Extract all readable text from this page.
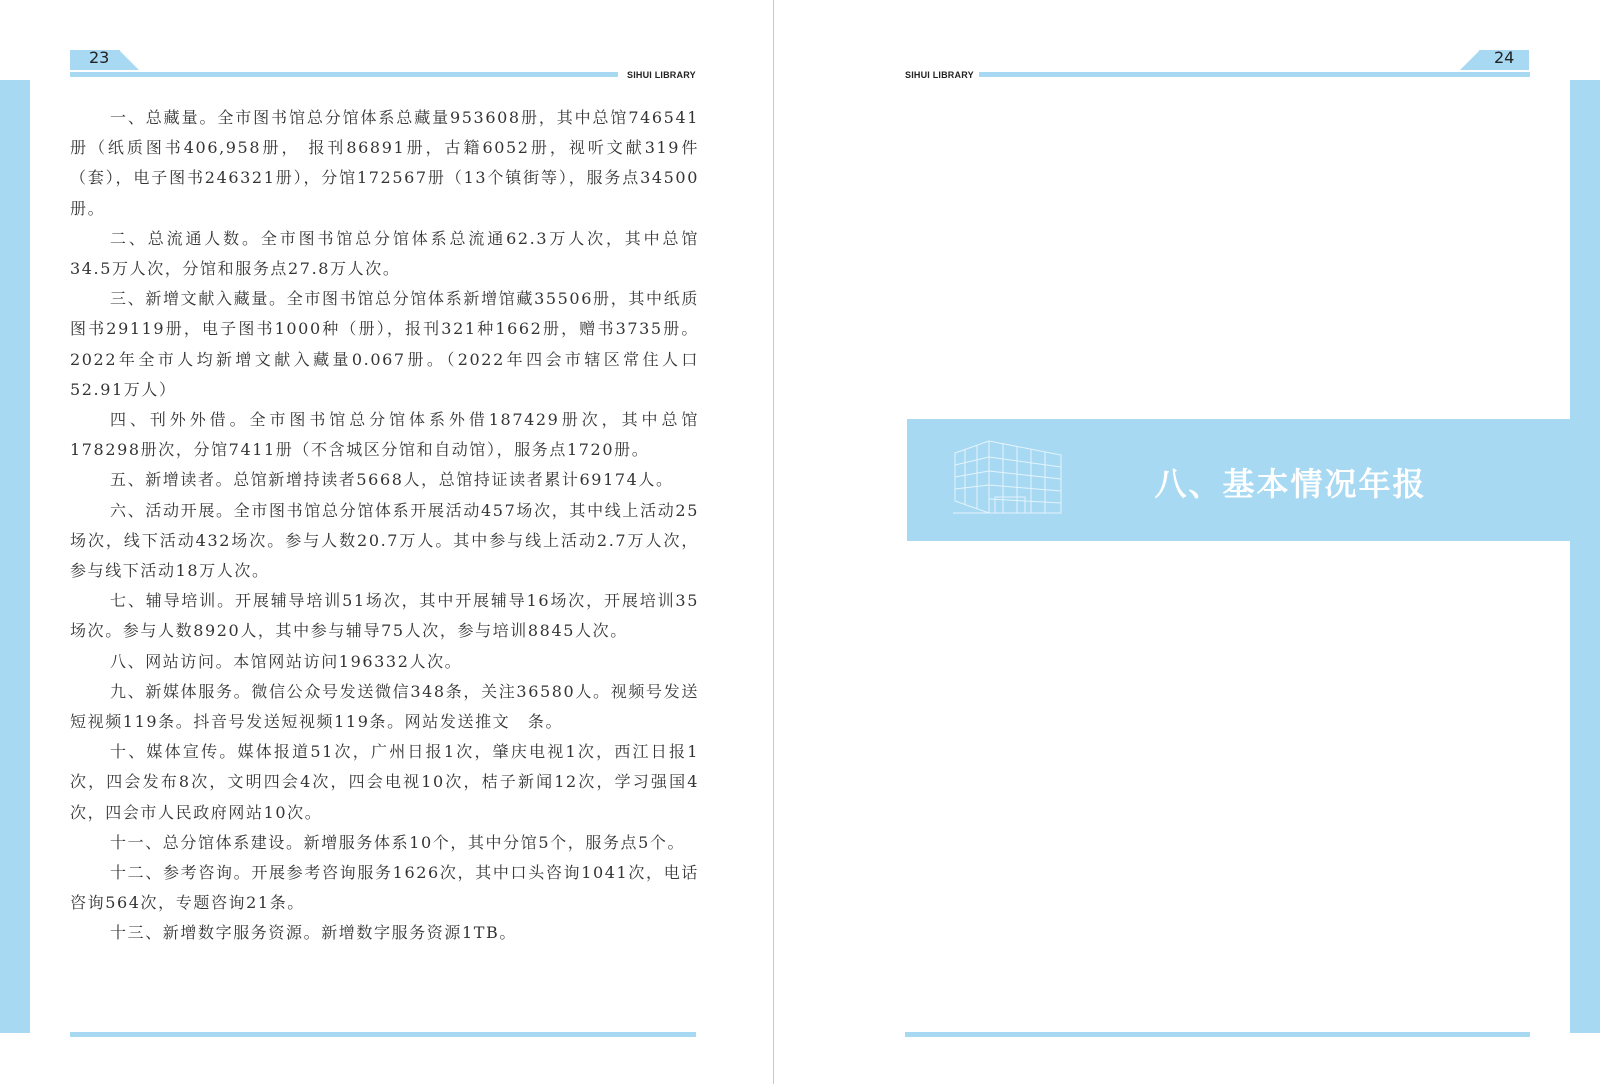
23
SIHUI LIBRARY

一、总藏量。全市图书馆总分馆体系总藏量953608册，其中总馆746541册（纸质图书406,958册， 报刊86891册，古籍6052册，视听文献319件（套），电子图书246321册），分馆172567册（13个镇街等），服务点34500册。

二、总流通人数。全市图书馆总分馆体系总流通62.3万人次，其中总馆34.5万人次，分馆和服务点27.8万人次。

三、新增文献入藏量。全市图书馆总分馆体系新增馆藏35506册，其中纸质图书29119册，电子图书1000种（册），报刊321种1662册，赠书3735册。2022年全市人均新增文献入藏量0.067册。（2022年四会市辖区常住人口52.91万人）

四、刊外外借。全市图书馆总分馆体系外借187429册次，其中总馆178298册次，分馆7411册（不含城区分馆和自动馆），服务点1720册。

五、新增读者。总馆新增持读者5668人，总馆持证读者累计69174人。

六、活动开展。全市图书馆总分馆体系开展活动457场次，其中线上活动25场次，线下活动432场次。参与人数20.7万人。其中参与线上活动2.7万人次，参与线下活动18万人次。

七、辅导培训。开展辅导培训51场次，其中开展辅导16场次，开展培训35场次。参与人数8920人，其中参与辅导75人次，参与培训8845人次。

八、网站访问。本馆网站访问196332人次。

九、新媒体服务。微信公众号发送微信348条，关注36580人。视频号发送短视频119条。抖音号发送短视频119条。网站发送推文　条。

十、媒体宣传。媒体报道51次，广州日报1次，肇庆电视1次，西江日报1次，四会发布8次，文明四会4次，四会电视10次，桔子新闻12次，学习强国4次，四会市人民政府网站10次。

十一、总分馆体系建设。新增服务体系10个，其中分馆5个，服务点5个。

十二、参考咨询。开展参考咨询服务1626次，其中口头咨询1041次，电话咨询564次，专题咨询21条。

十三、新增数字服务资源。新增数字服务资源1TB。

24
SIHUI LIBRARY
八、基本情况年报
